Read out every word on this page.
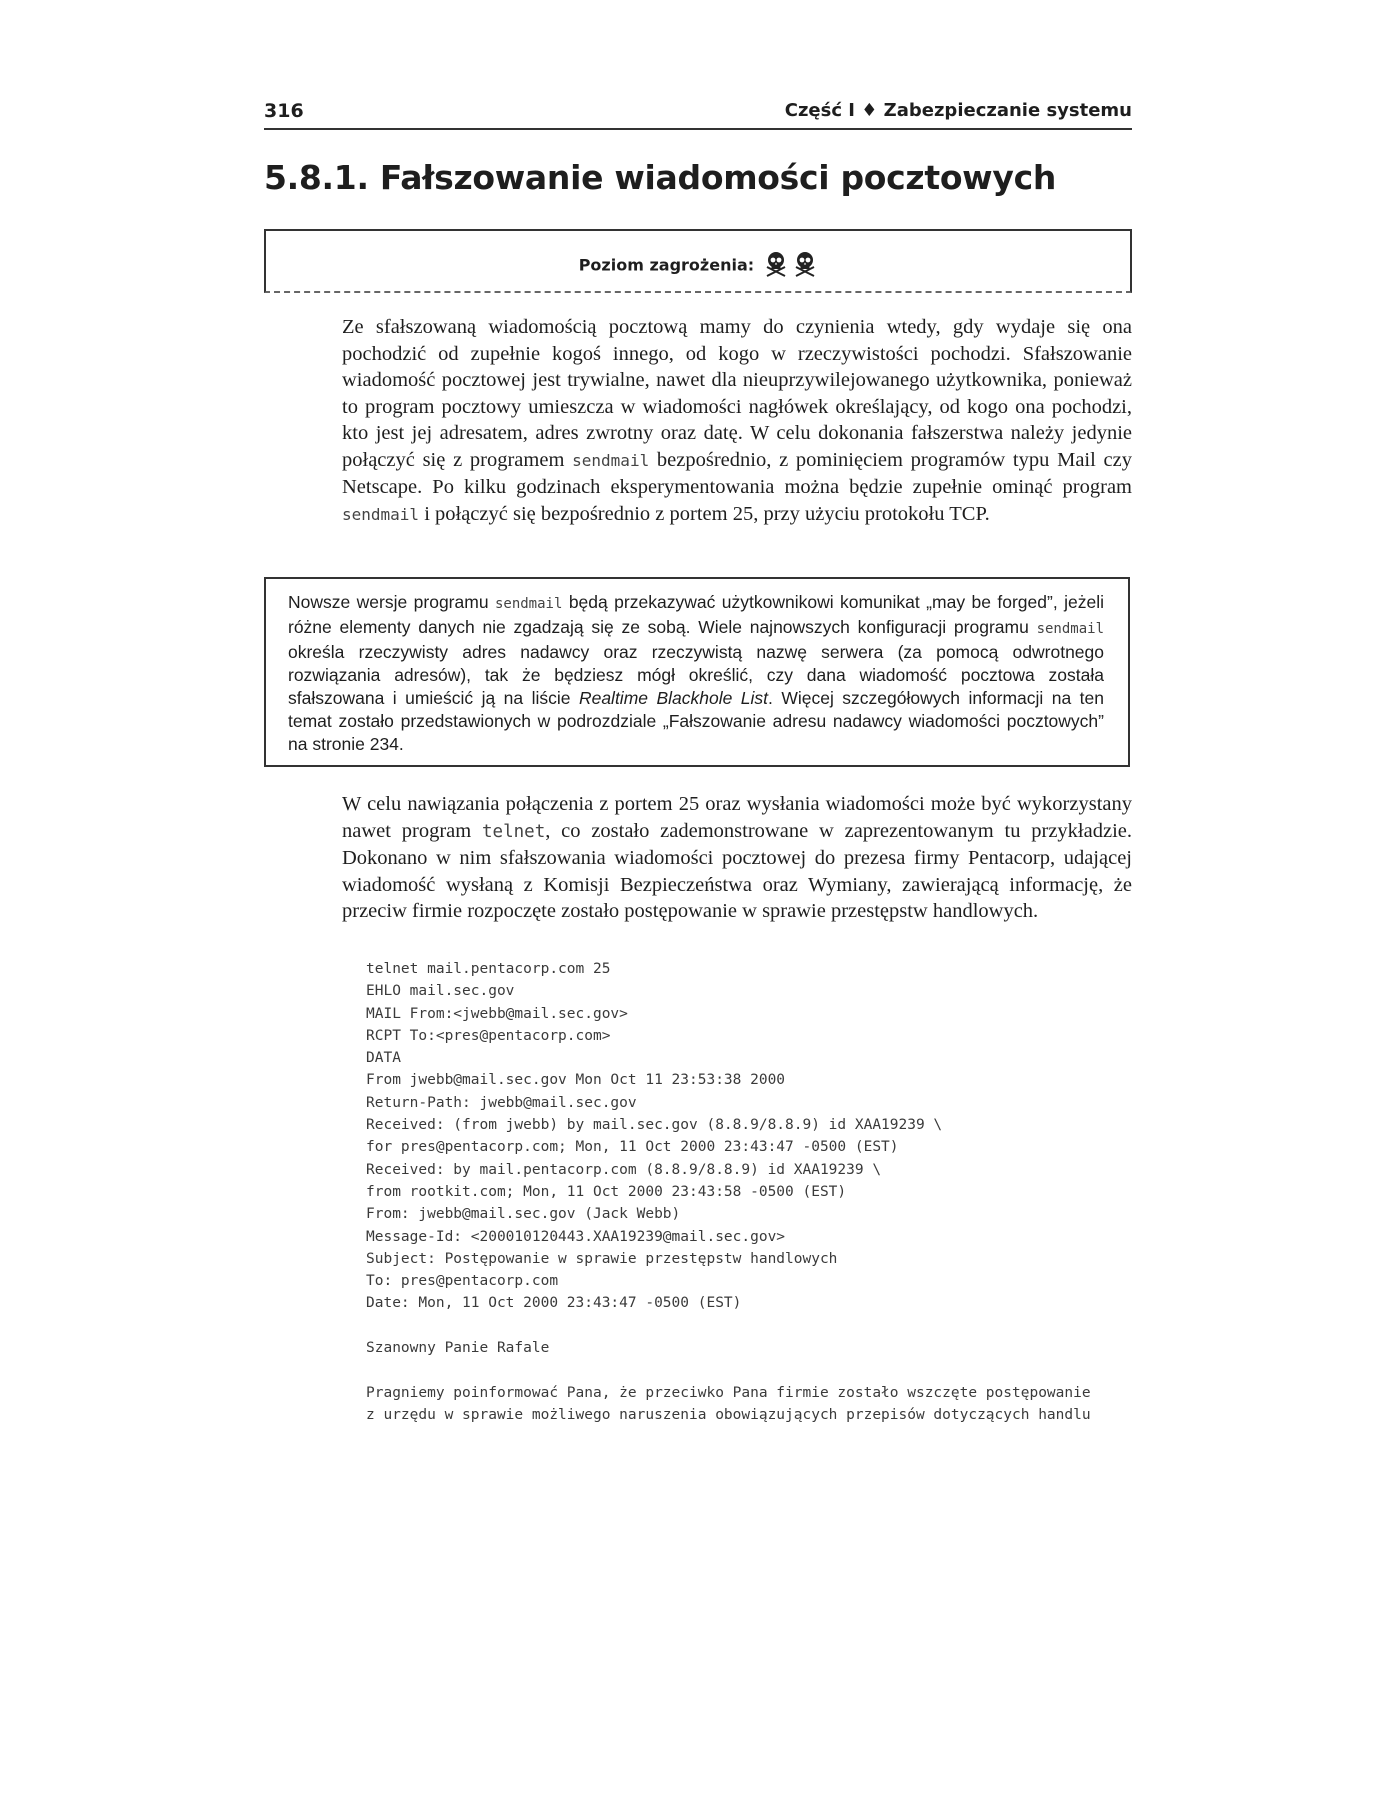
316	Część I ♦ Zabezpieczanie systemu
5.8.1. Fałszowanie wiadomości pocztowych
Poziom zagrożenia:

Ze sfałszowaną wiadomością pocztową mamy do czynienia wtedy, gdy wydaje się ona pochodzić od zupełnie kogoś innego, od kogo w rzeczywistości pochodzi. Sfałszowanie wiadomość pocztowej jest trywialne, nawet dla nieuprzywilejowanego użytkownika, ponieważ to program pocztowy umieszcza w wiadomości nagłówek określający, od kogo ona pochodzi, kto jest jej adresatem, adres zwrotny oraz datę. W celu dokonania fałszerstwa należy jedynie połączyć się z programem sendmail bezpośrednio, z pominięciem programów typu Mail czy Netscape. Po kilku godzinach eksperymentowania można będzie zupełnie ominąć program sendmail i połączyć się bezpośrednio z portem 25, przy użyciu protokołu TCP.

Nowsze wersje programu sendmail będą przekazywać użytkownikowi komunikat „may be forged”, jeżeli różne elementy danych nie zgadzają się ze sobą. Wiele najnowszych konfiguracji programu sendmail określa rzeczywisty adres nadawcy oraz rzeczywistą nazwę serwera (za pomocą odwrotnego rozwiązania adresów), tak że będziesz mógł określić, czy dana wiadomość pocztowa została sfałszowana i umieścić ją na liście Realtime Blackhole List. Więcej szczegółowych informacji na ten temat zostało przedstawionych w podrozdziale „Fałszowanie adresu nadawcy wiadomości pocztowych” na stronie 234.

W celu nawiązania połączenia z portem 25 oraz wysłania wiadomości może być wykorzystany nawet program telnet, co zostało zademonstrowane w zaprezentowanym tu przykładzie. Dokonano w nim sfałszowania wiadomości pocztowej do prezesa firmy Pentacorp, udającej wiadomość wysłaną z Komisji Bezpieczeństwa oraz Wymiany, zawierającą informację, że przeciw firmie rozpoczęte zostało postępowanie w sprawie przestępstw handlowych.

telnet mail.pentacorp.com 25
EHLO mail.sec.gov
MAIL From:<jwebb@mail.sec.gov>
RCPT To:<pres@pentacorp.com>
DATA
From jwebb@mail.sec.gov Mon Oct 11 23:53:38 2000
Return-Path: jwebb@mail.sec.gov
Received: (from jwebb) by mail.sec.gov (8.8.9/8.8.9) id XAA19239 \
for pres@pentacorp.com; Mon, 11 Oct 2000 23:43:47 -0500 (EST)
Received: by mail.pentacorp.com (8.8.9/8.8.9) id XAA19239 \
from rootkit.com; Mon, 11 Oct 2000 23:43:58 -0500 (EST)
From: jwebb@mail.sec.gov (Jack Webb)
Message-Id: <200010120443.XAA19239@mail.sec.gov>
Subject: Postępowanie w sprawie przestępstw handlowych
To: pres@pentacorp.com
Date: Mon, 11 Oct 2000 23:43:47 -0500 (EST)

Szanowny Panie Rafale

Pragniemy poinformować Pana, że przeciwko Pana firmie zostało wszczęte postępowanie
z urzędu w sprawie możliwego naruszenia obowiązujących przepisów dotyczących handlu
